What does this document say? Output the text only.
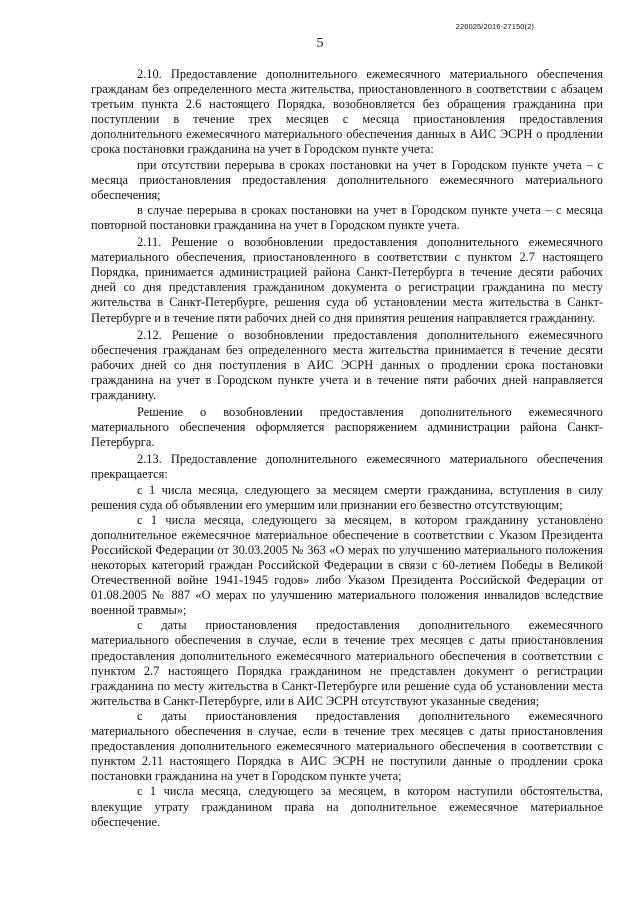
226025/2016-27150(2)
5

2.10. Предоставление дополнительного ежемесячного материального обеспечения гражданам без определенного места жительства, приостановленного в соответствии с абзацем третьим пункта 2.6 настоящего Порядка, возобновляется без обращения гражданина при поступлении в течение трех месяцев с месяца приостановления предоставления дополнительного ежемесячного материального обеспечения данных в АИС ЭСРН о продлении срока постановки гражданина на учет в Городском пункте учета:

при отсутствии перерыва в сроках постановки на учет в Городском пункте учета – с месяца приостановления предоставления дополнительного ежемесячного материального обеспечения;

в случае перерыва в сроках постановки на учет в Городском пункте учета – с месяца повторной постановки гражданина на учет в Городском пункте учета.

2.11. Решение о возобновлении предоставления дополнительного ежемесячного материального обеспечения, приостановленного в соответствии с пунктом 2.7 настоящего Порядка, принимается администрацией района Санкт-Петербурга в течение десяти рабочих дней со дня представления гражданином документа о регистрации гражданина по месту жительства в Санкт-Петербурге, решения суда об установлении места жительства в Санкт-Петербурге и в течение пяти рабочих дней со дня принятия решения направляется гражданину.

2.12. Решение о возобновлении предоставления дополнительного ежемесячного обеспечения гражданам без определенного места жительства принимается в течение десяти рабочих дней со дня поступления в АИС ЭСРН данных о продлении срока постановки гражданина на учет в Городском пункте учета и в течение пяти рабочих дней направляется гражданину.

Решение о возобновлении предоставления дополнительного ежемесячного материального обеспечения оформляется распоряжением администрации района Санкт-Петербурга.

2.13. Предоставление дополнительного ежемесячного материального обеспечения прекращается:

с 1 числа месяца, следующего за месяцем смерти гражданина, вступления в силу решения суда об объявлении его умершим или признании его безвестно отсутствующим;

с 1 числа месяца, следующего за месяцем, в котором гражданину установлено дополнительное ежемесячное материальное обеспечение в соответствии с Указом Президента Российской Федерации от 30.03.2005 № 363 «О мерах по улучшению материального положения некоторых категорий граждан Российской Федерации в связи с 60-летием Победы в Великой Отечественной войне 1941-1945 годов» либо Указом Президента Российской Федерации от 01.08.2005 № 887 «О мерах по улучшению материального положения инвалидов вследствие военной травмы»;

с даты приостановления предоставления дополнительного ежемесячного материального обеспечения в случае, если в течение трех месяцев с даты приостановления предоставления дополнительного ежемесячного материального обеспечения в соответствии с пунктом 2.7 настоящего Порядка гражданином не представлен документ о регистрации гражданина по месту жительства в Санкт-Петербурге или решение суда об установлении места жительства в Санкт-Петербурге, или в АИС ЭСРН отсутствуют указанные сведения;

с даты приостановления предоставления дополнительного ежемесячного материального обеспечения в случае, если в течение трех месяцев с даты приостановления предоставления дополнительного ежемесячного материального обеспечения в соответствии с пунктом 2.11 настоящего Порядка в АИС ЭСРН не поступили данные о продлении срока постановки гражданина на учет в Городском пункте учета;

с 1 числа месяца, следующего за месяцем, в котором наступили обстоятельства, влекущие утрату гражданином права на дополнительное ежемесячное материальное обеспечение.
